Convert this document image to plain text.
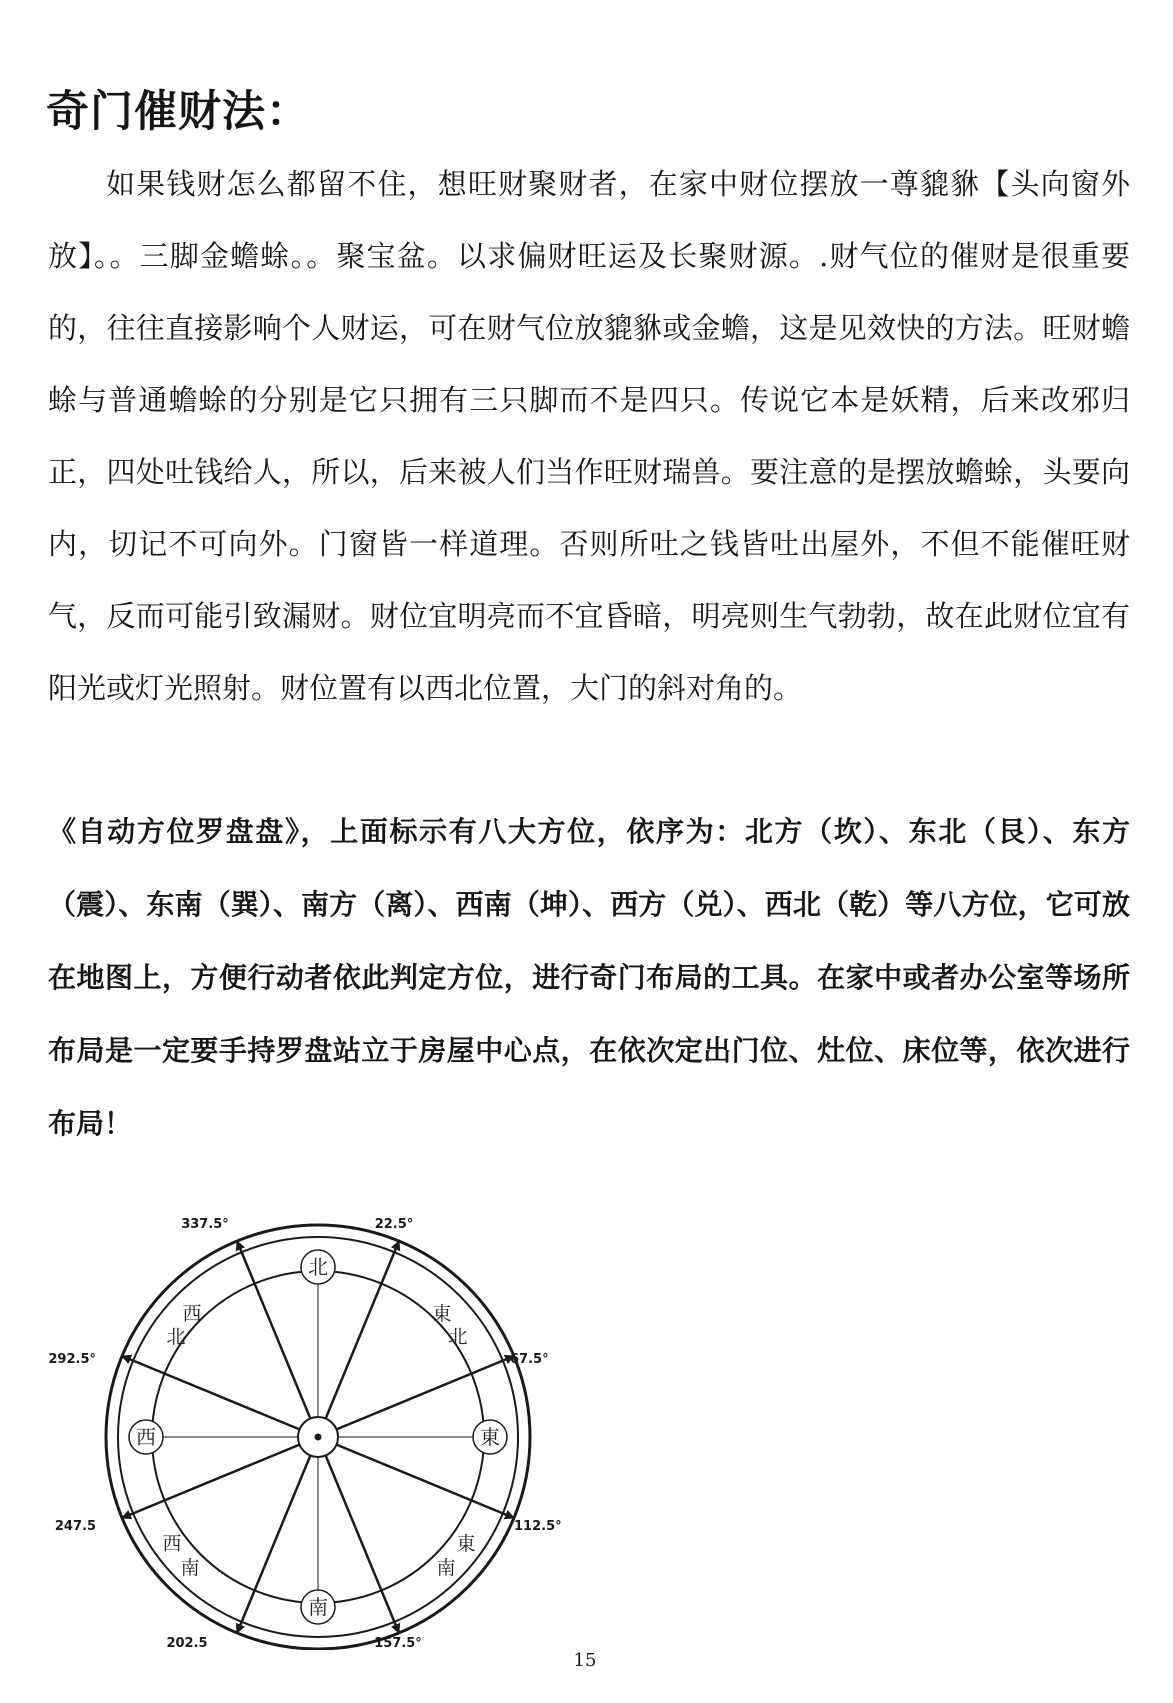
奇门催财法：

如果钱财怎么都留不住，想旺财聚财者，在家中财位摆放一尊貔貅【头向窗外放】。。三脚金蟾蜍。。聚宝盆。以求偏财旺运及长聚财源。.财气位的催财是很重要的，往往直接影响个人财运，可在财气位放貔貅或金蟾，这是见效快的方法。旺财蟾蜍与普通蟾蜍的分别是它只拥有三只脚而不是四只。传说它本是妖精，后来改邪归正，四处吐钱给人，所以，后来被人们当作旺财瑞兽。要注意的是摆放蟾蜍，头要向内，切记不可向外。门窗皆一样道理。否则所吐之钱皆吐出屋外，不但不能催旺财气，反而可能引致漏财。财位宜明亮而不宜昏暗，明亮则生气勃勃，故在此财位宜有阳光或灯光照射。财位置有以西北位置，大门的斜对角的。

《自动方位罗盘盘》，上面标示有八大方位，依序为：北方（坎）、东北（艮）、东方（震）、东南（巽）、南方（离）、西南（坤）、西方（兑）、西北（乾）等八方位，它可放在地图上，方便行动者依此判定方位，进行奇门布局的工具。在家中或者办公室等场所布局是一定要手持罗盘站立于房屋中心点，在依次定出门位、灶位、床位等，依次进行布局！

北
東
南
西
西
北
東
北
西
南
東
南
337.5°	22.5°
67.5°
112.5°
157.5°
202.5
247.5
292.5°

15
